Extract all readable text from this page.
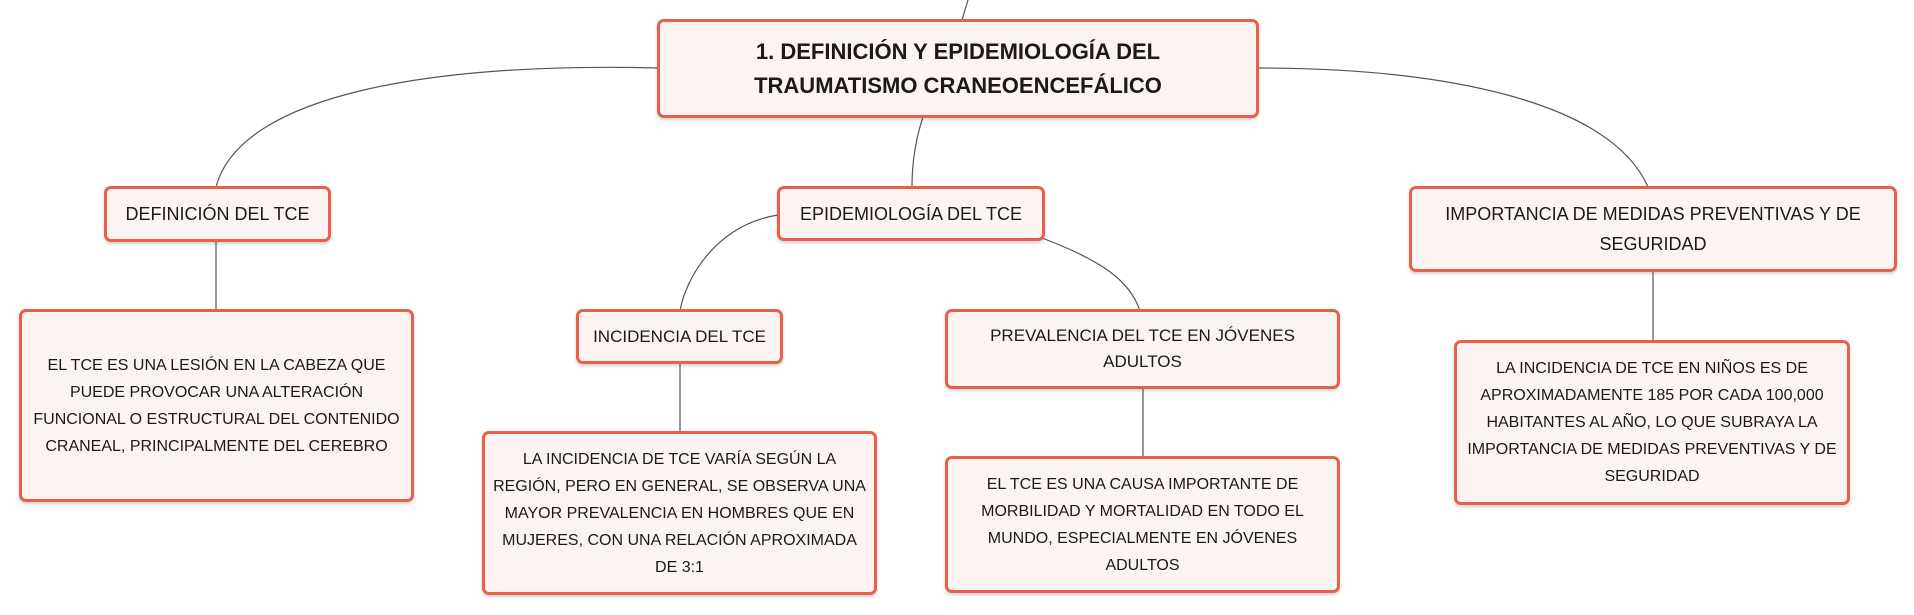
1. DEFINICIÓN Y EPIDEMIOLOGÍA DEL TRAUMATISMO CRANEOENCEFÁLICO
DEFINICIÓN DEL TCE	EPIDEMIOLOGÍA DEL TCE	IMPORTANCIA DE MEDIDAS PREVENTIVAS Y DE SEGURIDAD
EL TCE ES UNA LESIÓN EN LA CABEZA QUE PUEDE PROVOCAR UNA ALTERACIÓN FUNCIONAL O ESTRUCTURAL DEL CONTENIDO CRANEAL, PRINCIPALMENTE DEL CEREBRO
INCIDENCIA DEL TCE	PREVALENCIA DEL TCE EN JÓVENES ADULTOS	LA INCIDENCIA DE TCE EN NIÑOS ES DE APROXIMADAMENTE 185 POR CADA 100,000 HABITANTES AL AÑO, LO QUE SUBRAYA LA IMPORTANCIA DE MEDIDAS PREVENTIVAS Y DE SEGURIDAD
LA INCIDENCIA DE TCE VARÍA SEGÚN LA REGIÓN, PERO EN GENERAL, SE OBSERVA UNA MAYOR PREVALENCIA EN HOMBRES QUE EN MUJERES, CON UNA RELACIÓN APROXIMADA DE 3:1
EL TCE ES UNA CAUSA IMPORTANTE DE MORBILIDAD Y MORTALIDAD EN TODO EL MUNDO, ESPECIALMENTE EN JÓVENES ADULTOS
